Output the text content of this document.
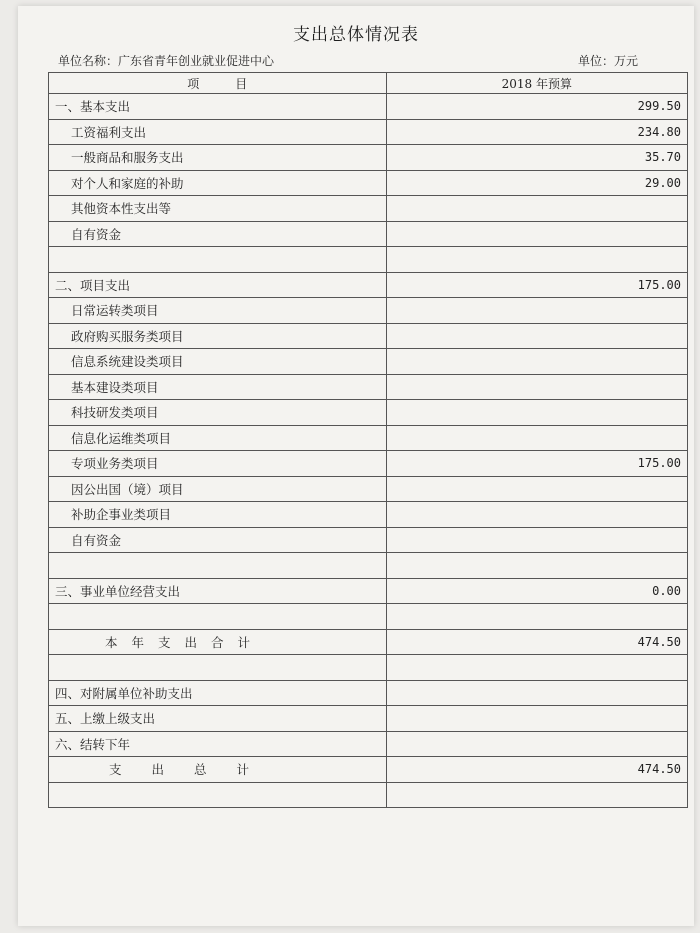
支出总体情况表
单位名称：广东省青年创业就业促进中心	单位：万元
项　　　目	2018 年预算
一、基本支出	299.50
工资福利支出	234.80
一般商品和服务支出	35.70
对个人和家庭的补助	29.00
其他资本性支出等	
自有资金	

二、项目支出	175.00
日常运转类项目	
政府购买服务类项目	
信息系统建设类项目	
基本建设类项目	
科技研发类项目	
信息化运维类项目	
专项业务类项目	175.00
因公出国（境）项目	
补助企事业类项目	
自有资金	

三、事业单位经营支出	0.00

本年支出合计	474.50

四、对附属单位补助支出	
五、上缴上级支出	
六、结转下年	
支出总计	474.50
